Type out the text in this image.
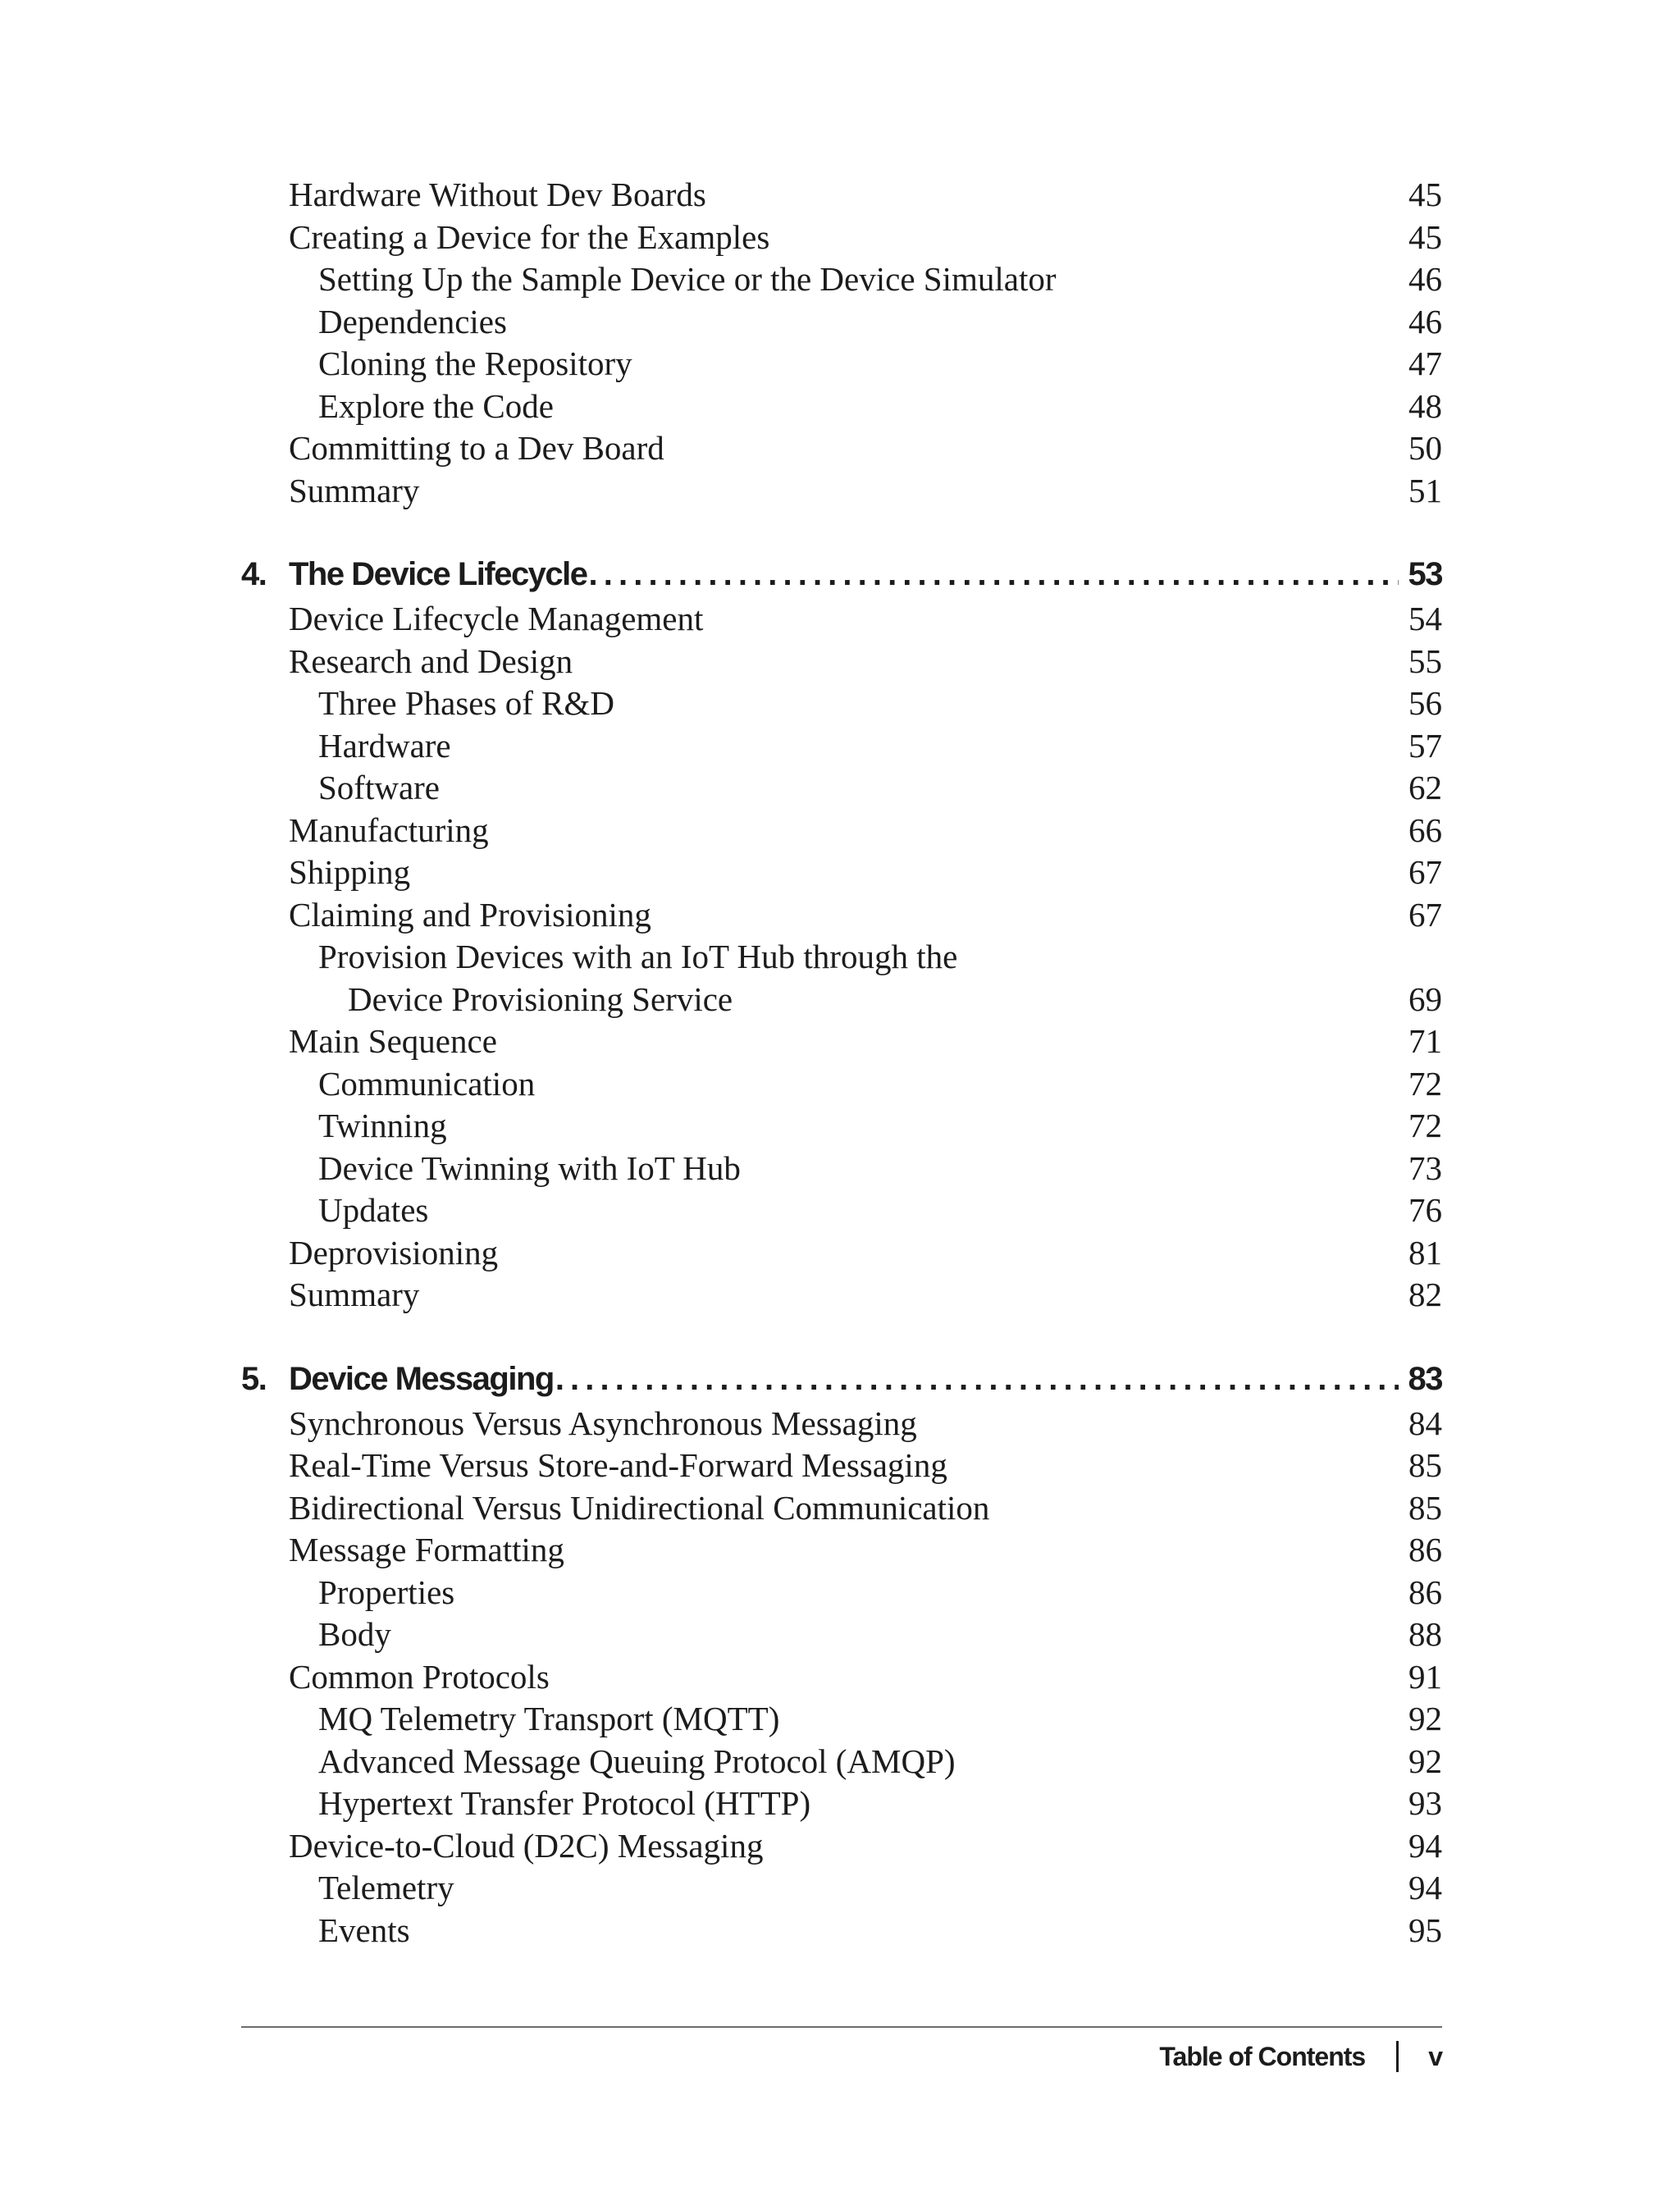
Hardware Without Dev Boards	45
Creating a Device for the Examples	45
Setting Up the Sample Device or the Device Simulator	46
Dependencies	46
Cloning the Repository	47
Explore the Code	48
Committing to a Dev Board	50
Summary	51
4. The Device Lifecycle . . .	53
Device Lifecycle Management	54
Research and Design	55
Three Phases of R&D	56
Hardware	57
Software	62
Manufacturing	66
Shipping	67
Claiming and Provisioning	67
Provision Devices with an IoT Hub through the
Device Provisioning Service	69
Main Sequence	71
Communication	72
Twinning	72
Device Twinning with IoT Hub	73
Updates	76
Deprovisioning	81
Summary	82
5. Device Messaging . . .	83
Synchronous Versus Asynchronous Messaging	84
Real-Time Versus Store-and-Forward Messaging	85
Bidirectional Versus Unidirectional Communication	85
Message Formatting	86
Properties	86
Body	88
Common Protocols	91
MQ Telemetry Transport (MQTT)	92
Advanced Message Queuing Protocol (AMQP)	92
Hypertext Transfer Protocol (HTTP)	93
Device-to-Cloud (D2C) Messaging	94
Telemetry	94
Events	95
Table of Contents v
